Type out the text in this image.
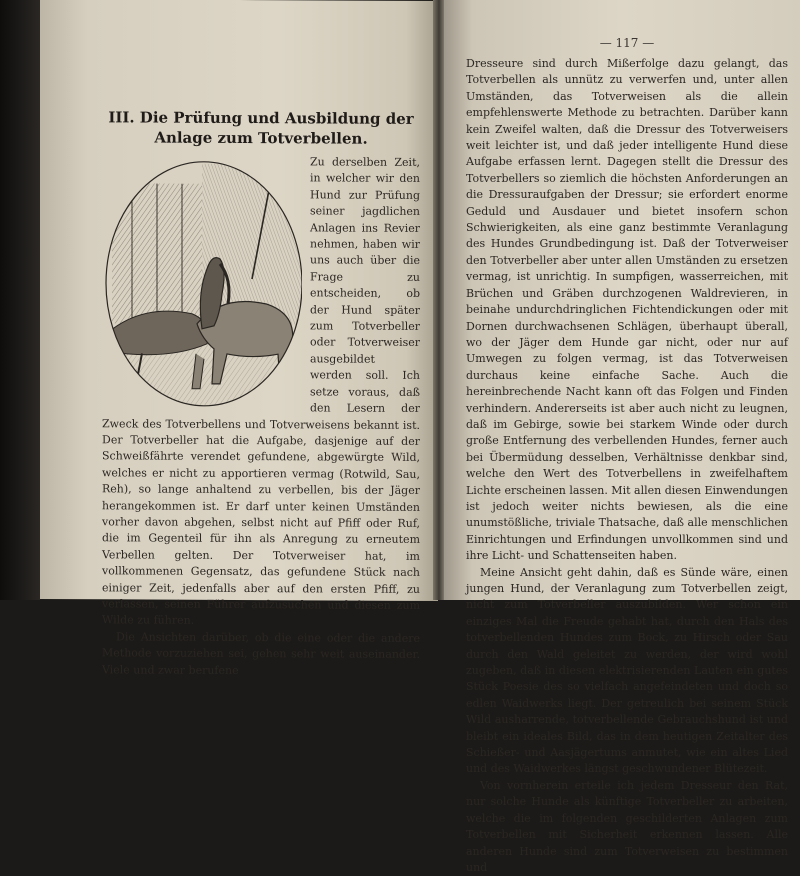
III. Die Prüfung und Ausbildung der Anlage zum Totverbellen.

Zu derselben Zeit, in welcher wir den Hund zur Prüfung seiner jagdlichen Anlagen ins Revier nehmen, haben wir uns auch über die Frage zu entscheiden, ob der Hund später zum Totverbeller oder Totverweiser ausgebildet werden soll. Ich setze voraus, daß den Lesern der Zweck des Totverbellens und Totverweisens bekannt ist. Der Totverbeller hat die Aufgabe, dasjenige auf der Schweißfährte verendet gefundene, abgewürgte Wild, welches er nicht zu apportieren vermag (Rotwild, Sau, Reh), so lange anhaltend zu verbellen, bis der Jäger herangekommen ist. Er darf unter keinen Umständen vorher davon abgehen, selbst nicht auf Pfiff oder Ruf, die im Gegenteil für ihn als Anregung zu erneutem Verbellen gelten. Der Totverweiser hat, im vollkommenen Gegensatz, das gefundene Stück nach einiger Zeit, jedenfalls aber auf den ersten Pfiff, zu verlassen, seinen Führer aufzusuchen und diesen zum Wilde zu führen.

Die Ansichten darüber, ob die eine oder die andere Methode vorzuziehen sei, gehen sehr weit auseinander. Viele und zwar berufene

— 117 —

Dresseure sind durch Mißerfolge dazu gelangt, das Totverbellen als unnütz zu verwerfen und, unter allen Umständen, das Totverweisen als die allein empfehlenswerte Methode zu betrachten. Darüber kann kein Zweifel walten, daß die Dressur des Totverweisers weit leichter ist, und daß jeder intelligente Hund diese Aufgabe erfassen lernt. Dagegen stellt die Dressur des Totverbellers so ziemlich die höchsten Anforderungen an die Dressuraufgaben der Dressur; sie erfordert enorme Geduld und Ausdauer und bietet insofern schon Schwierigkeiten, als eine ganz bestimmte Veranlagung des Hundes Grundbedingung ist. Daß der Totverweiser den Totverbeller aber unter allen Umständen zu ersetzen vermag, ist unrichtig. In sumpfigen, wasserreichen, mit Brüchen und Gräben durchzogenen Waldrevieren, in beinahe undurchdringlichen Fichtendickungen oder mit Dornen durchwachsenen Schlägen, überhaupt überall, wo der Jäger dem Hunde gar nicht, oder nur auf Umwegen zu folgen vermag, ist das Totverweisen durchaus keine einfache Sache. Auch die hereinbrechende Nacht kann oft das Folgen und Finden verhindern. Andererseits ist aber auch nicht zu leugnen, daß im Gebirge, sowie bei starkem Winde oder durch große Entfernung des verbellenden Hundes, ferner auch bei Übermüdung desselben, Verhältnisse denkbar sind, welche den Wert des Totverbellens in zweifelhaftem Lichte erscheinen lassen. Mit allen diesen Einwendungen ist jedoch weiter nichts bewiesen, als die eine unumstößliche, triviale Thatsache, daß alle menschlichen Einrichtungen und Erfindungen unvollkommen sind und ihre Licht- und Schattenseiten haben.

Meine Ansicht geht dahin, daß es Sünde wäre, einen jungen Hund, der Veranlagung zum Totverbellen zeigt, nicht zum Totverbeller auszubilden. Wer schon ein einziges Mal die Freude gehabt hat, durch den Hals des totverbellenden Hundes zum Bock, zu Hirsch oder Sau durch den Wald geleitet zu werden, der wird wohl zugeben, daß in diesen elektrisierenden Lauten ein gutes Stück Poesie des so vielfach angefeindeten und doch so edlen Waidwerks liegt. Der getreulich bei seinem Stück Wild ausharrende, totverbellende Gebrauchshund ist und bleibt ein ideales Bild, das in dem heutigen Zeitalter des Schießer- und Aasjägertums anmutet, wie ein altes Lied und des Waidwerkes längst geschwundener Blütezeit.

Von vornherein erteile ich jedem Dresseur den Rat, nur solche Hunde als künftige Totverbeller zu arbeiten, welche die im folgenden geschilderten Anlagen zum Totverbellen mit Sicherheit erkennen lassen. Alle anderen Hunde sind zum Totverweisen zu bestimmen und
